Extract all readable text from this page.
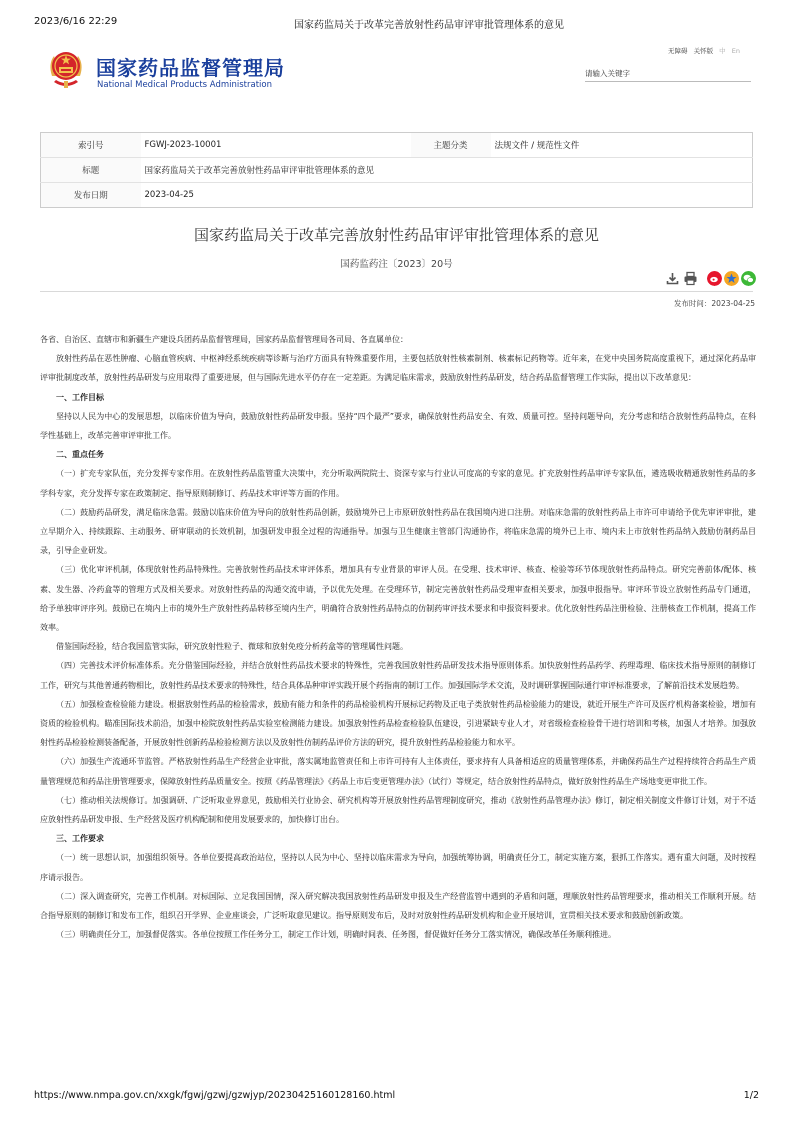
2023/6/16 22:29	国家药监局关于改革完善放射性药品审评审批管理体系的意见
国家药品监督管理局
National Medical Products Administration
无障碍 关怀版 中 En
请输入关键字
索引号	FGWJ-2023-10001	主题分类	法规文件 / 规范性文件
标题	国家药监局关于改革完善放射性药品审评审批管理体系的意见		
发布日期	2023-04-25		
国家药监局关于改革完善放射性药品审评审批管理体系的意见
国药监药注〔2023〕20号
发布时间：2023-04-25

各省、自治区、直辖市和新疆生产建设兵团药品监督管理局，国家药品监督管理局各司局、各直属单位：

放射性药品在恶性肿瘤、心脑血管疾病、中枢神经系统疾病等诊断与治疗方面具有特殊重要作用，主要包括放射性核素制剂、核素标记药物等。近年来，在党中央国务院高度重视下，通过深化药品审评审批制度改革，放射性药品研发与应用取得了重要进展，但与国际先进水平仍存在一定差距。为满足临床需求，鼓励放射性药品研发，结合药品监督管理工作实际，提出以下改革意见：

一、工作目标

坚持以人民为中心的发展思想，以临床价值为导向，鼓励放射性药品研发申报。坚持“四个最严”要求，确保放射性药品安全、有效、质量可控。坚持问题导向，充分考虑和结合放射性药品特点，在科学性基础上，改革完善审评审批工作。

二、重点任务

（一）扩充专家队伍，充分发挥专家作用。在放射性药品监管重大决策中，充分听取两院院士、资深专家与行业认可度高的专家的意见。扩充放射性药品审评专家队伍，遴选吸收精通放射性药品的多学科专家，充分发挥专家在政策制定、指导原则制修订、药品技术审评等方面的作用。

（二）鼓励药品研发，满足临床急需。鼓励以临床价值为导向的放射性药品创新，鼓励境外已上市原研放射性药品在我国境内进口注册。对临床急需的放射性药品上市许可申请给予优先审评审批，建立早期介入、持续跟踪、主动服务、研审联动的长效机制，加强研发申报全过程的沟通指导。加强与卫生健康主管部门沟通协作，将临床急需的境外已上市、境内未上市放射性药品纳入鼓励仿制药品目录，引导企业研发。

（三）优化审评机制，体现放射性药品特殊性。完善放射性药品技术审评体系，增加具有专业背景的审评人员。在受理、技术审评、核查、检验等环节体现放射性药品特点。研究完善前体/配体、核素、发生器、冷药盒等的管理方式及相关要求。对放射性药品的沟通交流申请，予以优先处理。在受理环节，制定完善放射性药品受理审查相关要求，加强申报指导。审评环节设立放射性药品专门通道，给予单独审评序列。鼓励已在境内上市的境外生产放射性药品转移至境内生产，明确符合放射性药品特点的仿制药审评技术要求和申报资料要求。优化放射性药品注册检验、注册核查工作机制，提高工作效率。

借鉴国际经验，结合我国监管实际，研究放射性粒子、微球和放射免疫分析药盒等的管理属性问题。

（四）完善技术评价标准体系。充分借鉴国际经验，并结合放射性药品技术要求的特殊性，完善我国放射性药品研发技术指导原则体系。加快放射性药品药学、药理毒理、临床技术指导原则的制修订工作，研究与其他普通药物相比，放射性药品技术要求的特殊性，结合具体品种审评实践开展个药指南的制订工作。加强国际学术交流，及时调研掌握国际通行审评标准要求，了解前沿技术发展趋势。

（五）加强检查检验能力建设。根据放射性药品的检验需求，鼓励有能力和条件的药品检验机构开展标记药物及正电子类放射性药品检验能力的建设，就近开展生产许可及医疗机构备案检验，增加有资质的检验机构。瞄准国际技术前沿，加强中检院放射性药品实验室检测能力建设。加强放射性药品检查检验队伍建设，引进紧缺专业人才，对省级检查检验骨干进行培训和考核，加强人才培养。加强放射性药品检验检测装备配备，开展放射性创新药品检验检测方法以及放射性仿制药品评价方法的研究，提升放射性药品检验能力和水平。

（六）加强生产流通环节监管。严格放射性药品生产经营企业审批，落实属地监管责任和上市许可持有人主体责任，要求持有人具备相适应的质量管理体系，并确保药品生产过程持续符合药品生产质量管理规范和药品注册管理要求，保障放射性药品质量安全。按照《药品管理法》《药品上市后变更管理办法》（试行）等规定，结合放射性药品特点，做好放射性药品生产场地变更审批工作。

（七）推动相关法规修订。加强调研、广泛听取业界意见，鼓励相关行业协会、研究机构等开展放射性药品管理制度研究，推动《放射性药品管理办法》修订，制定相关制度文件修订计划，对于不适应放射性药品研发申报、生产经营及医疗机构配制和使用发展要求的，加快修订出台。

三、工作要求

（一）统一思想认识，加强组织领导。各单位要提高政治站位，坚持以人民为中心、坚持以临床需求为导向，加强统筹协调，明确责任分工，制定实施方案，狠抓工作落实。遇有重大问题，及时按程序请示报告。

（二）深入调查研究，完善工作机制。对标国际、立足我国国情，深入研究解决我国放射性药品研发申报及生产经营监管中遇到的矛盾和问题，理顺放射性药品管理要求，推动相关工作顺利开展。结合指导原则的制修订和发布工作，组织召开学界、企业座谈会，广泛听取意见建议。指导原则发布后，及时对放射性药品研发机构和企业开展培训，宣贯相关技术要求和鼓励创新政策。

（三）明确责任分工，加强督促落实。各单位按照工作任务分工，制定工作计划，明确时间表、任务图，督促做好任务分工落实情况，确保改革任务顺利推进。

https://www.nmpa.gov.cn/xxgk/fgwj/gzwj/gzwjyp/20230425160128160.html	1/2
